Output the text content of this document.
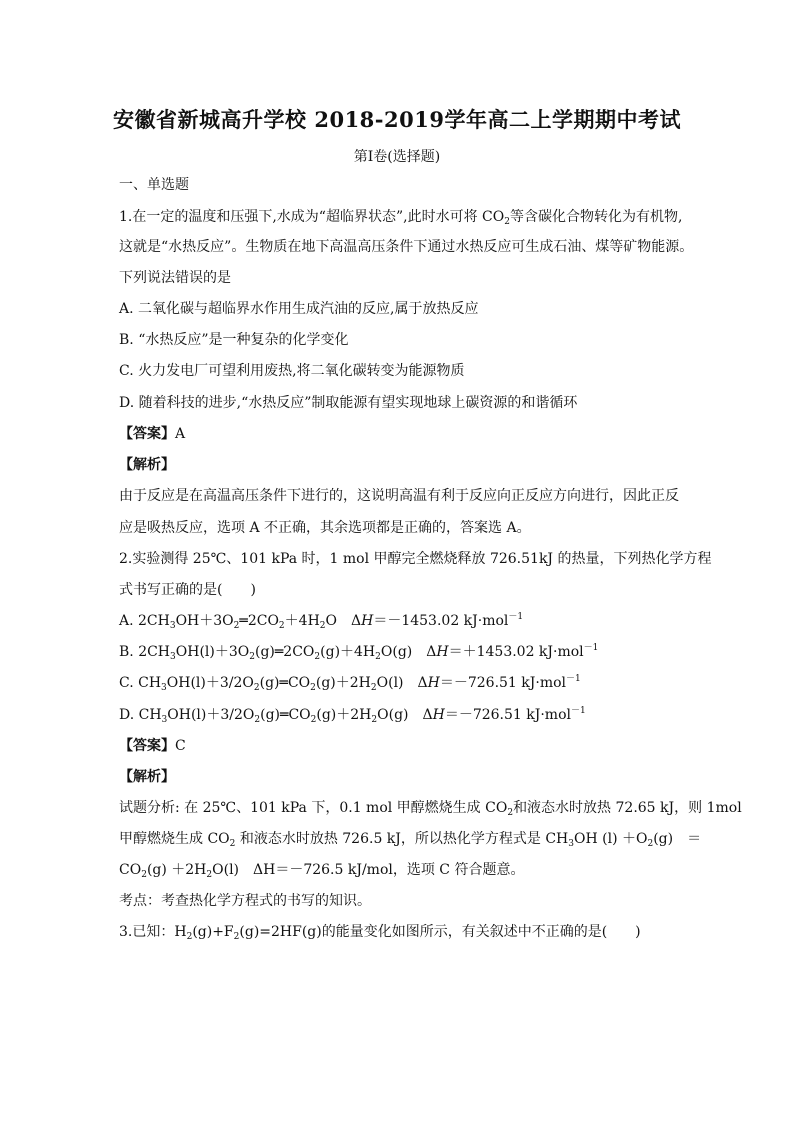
安徽省新城高升学校 2018-2019学年高二上学期期中考试
第I卷(选择题)
一、单选题
1.在一定的温度和压强下,水成为“超临界状态”,此时水可将 $CO_2$等含碳化合物转化为有机物,
这就是“水热反应”。生物质在地下高温高压条件下通过水热反应可生成石油、煤等矿物能源。
下列说法错误的是
A. 二氧化碳与超临界水作用生成汽油的反应,属于放热反应
B. “水热反应”是一种复杂的化学变化
C. 火力发电厂可望利用废热,将二氧化碳转变为能源物质
D. 随着科技的进步,“水热反应”制取能源有望实现地球上碳资源的和谐循环
【答案】A
【解析】
由于反应是在高温高压条件下进行的，这说明高温有利于反应向正反应方向进行，因此正反
应是吸热反应，选项 A 不正确，其余选项都是正确的，答案选 A。
2.实验测得 25℃、101 kPa 时，1 mol 甲醇完全燃烧释放 726.51kJ 的热量，下列热化学方程
式书写正确的是(　　)
A. $2CH_3OH+3O_2═2CO_2+4H_2O$　ΔH＝－1453.02 kJ·mol$^{-1}$
B. $2CH_3OH(l)+3O_2(g)═2CO_2(g)+4H_2O(g)$　ΔH＝＋1453.02 kJ·mol$^{-1}$
C. $CH_3OH(l)+3/2O_2(g)═CO_2(g)+2H_2O(l)$　ΔH＝－726.51 kJ·mol$^{-1}$
D. $CH_3OH(l)+3/2O_2(g)═CO_2(g)+2H_2O(g)$　ΔH＝－726.51 kJ·mol$^{-1}$
【答案】C
【解析】
试题分析: 在 25℃、101 kPa 下，0.1 mol 甲醇燃烧生成 $CO_2$和液态水时放热 72.65 kJ，则 1mol
甲醇燃烧生成 $CO_2$ 和液态水时放热 726.5 kJ，所以热化学方程式是 $CH_3OH$ $(l) +O_2(g)$　＝
$CO_2(g) +2H_2O(l)$　ΔH＝－726.5 kJ/mol，选项 C 符合题意。
考点：考查热化学方程式的书写的知识。
3.已知：$H_2(g)+F_2(g)=2HF(g)$的能量变化如图所示，有关叙述中不正确的是(　　)
